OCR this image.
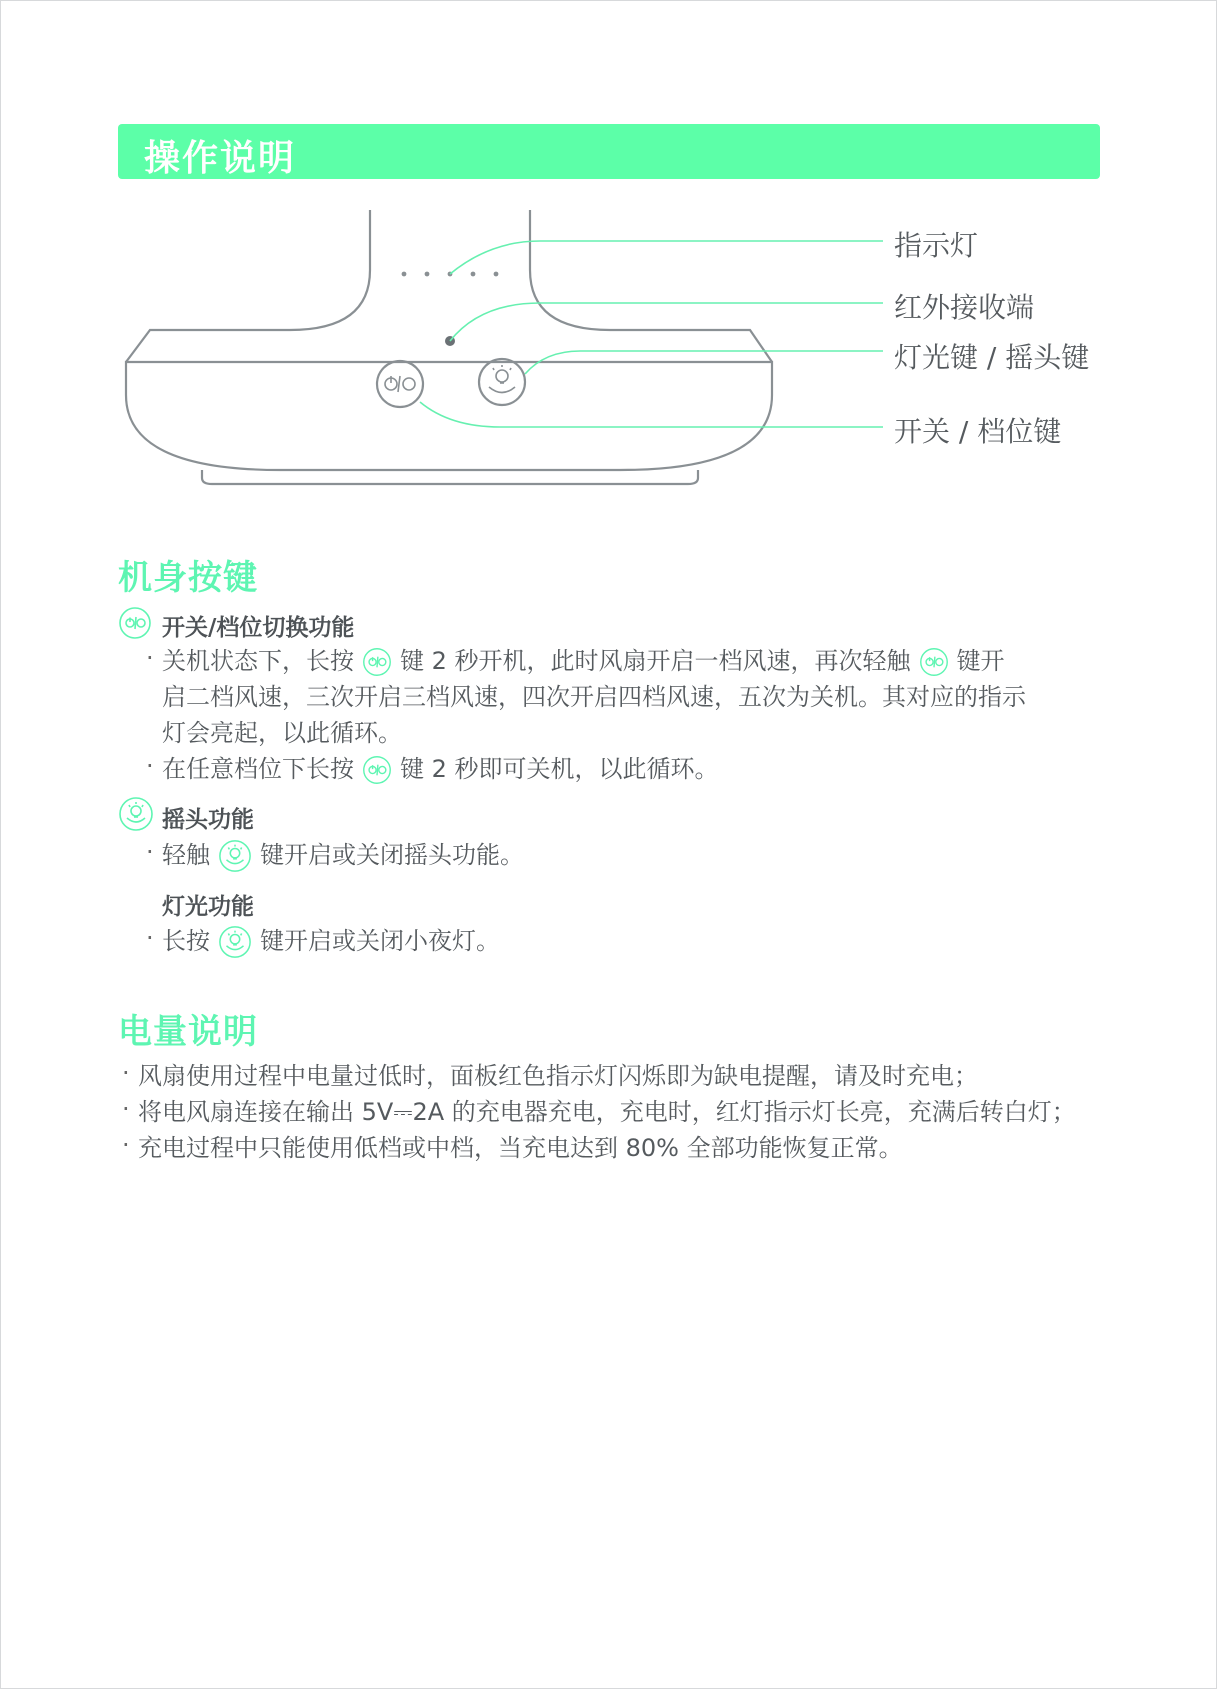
操作说明
指示灯
红外接收端
灯光键 / 摇头键
开关 / 档位键
机身按键
开关/档位切换功能
· 关机状态下，长按 键 2 秒开机，此时风扇开启一档风速，再次轻触 键开
启二档风速，三次开启三档风速，四次开启四档风速，五次为关机。其对应的指示
灯会亮起，以此循环。
· 在任意档位下长按 键 2 秒即可关机，以此循环。
摇头功能
· 轻触 键开启或关闭摇头功能。
灯光功能
· 长按 键开启或关闭小夜灯。
电量说明
· 风扇使用过程中电量过低时，面板红色指示灯闪烁即为缺电提醒，请及时充电；
· 将电风扇连接在输出 5V⎓2A 的充电器充电，充电时，红灯指示灯长亮，充满后转白灯；
· 充电过程中只能使用低档或中档，当充电达到 80% 全部功能恢复正常。
